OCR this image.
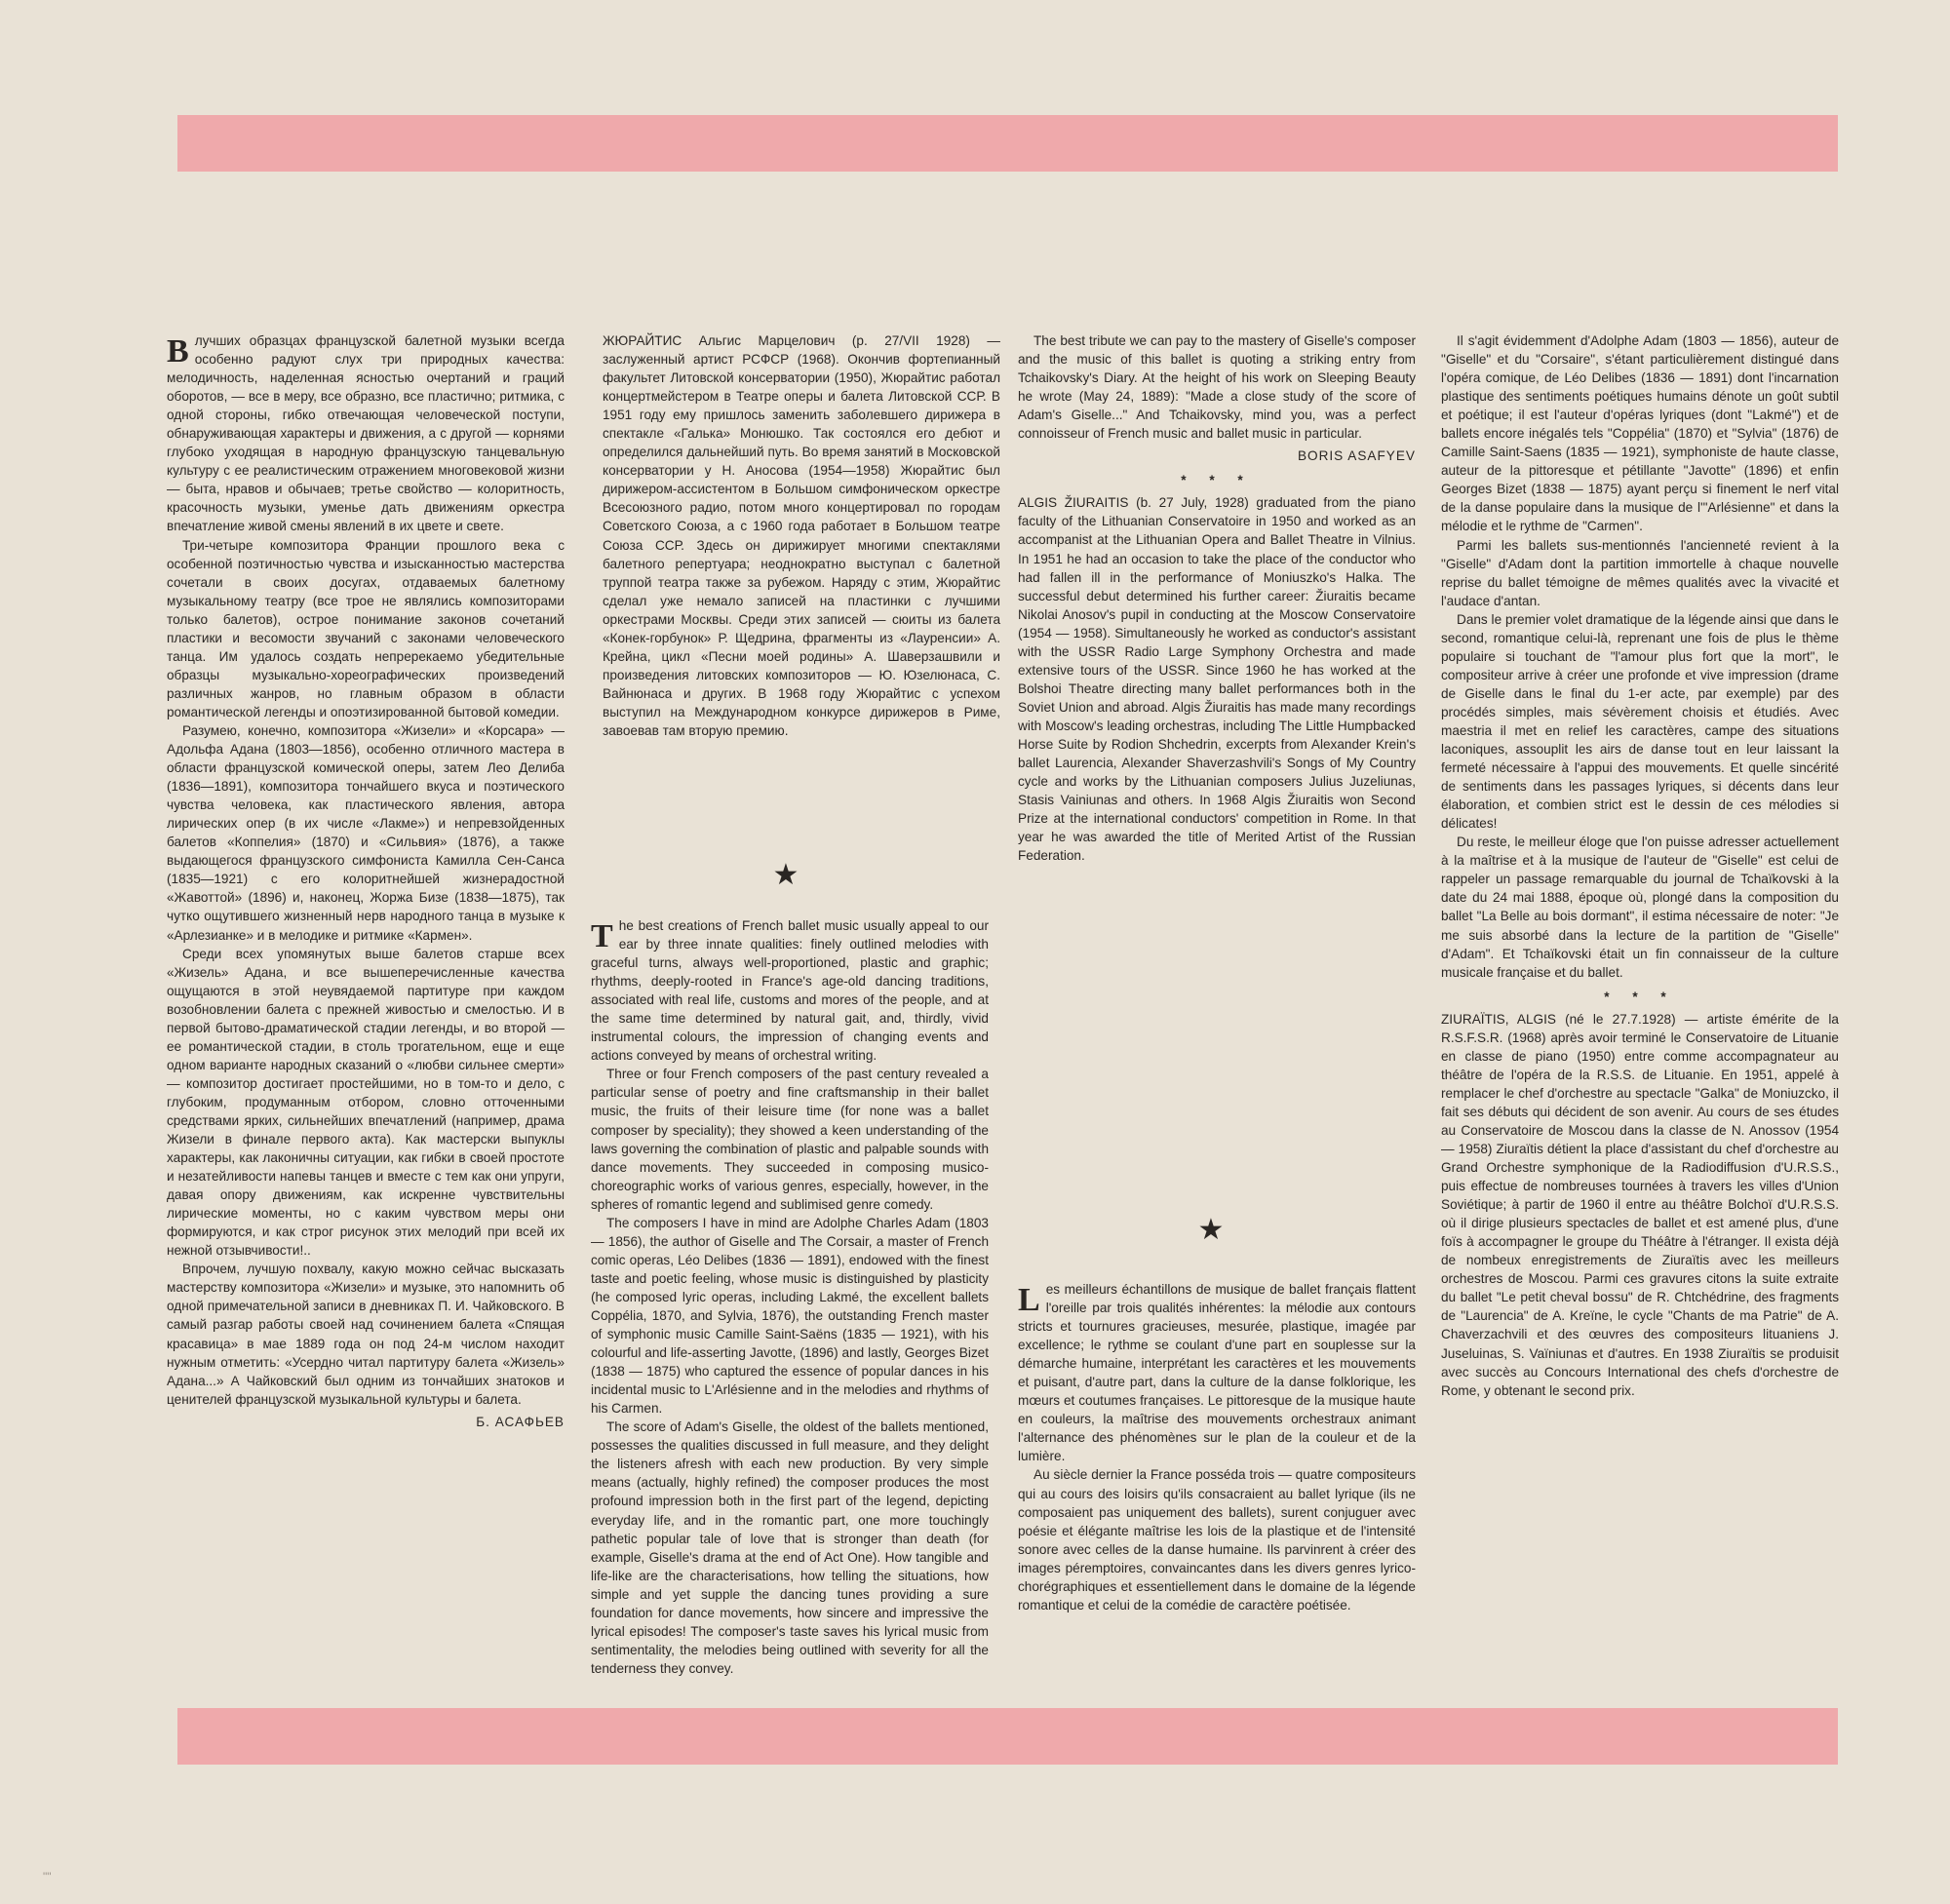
Влучших образцах французской балетной музыки всегда особенно радуют слух три природных качества: мелодичность, наделенная ясностью очертаний и граций оборотов, — все в меру, все образно, все пластично; ритмика, с одной стороны, гибко отвечающая человеческой поступи, обнаруживающая характеры и движения, а с другой — корнями глубоко уходящая в народную французскую танцевальную культуру с ее реалистическим отражением многовековой жизни — быта, нравов и обычаев; третье свойство — колоритность, красочность музыки, уменье дать движениям оркестра впечатление живой смены явлений в их цвете и свете.

Три-четыре композитора Франции прошлого века с особенной поэтичностью чувства и изысканностью мастерства сочетали в своих досугах, отдаваемых балетному музыкальному театру (все трое не являлись композиторами только балетов), острое понимание законов сочетаний пластики и весомости звучаний с законами человеческого танца. Им удалось создать непререкаемо убедительные образцы музыкально-хореографических произведений различных жанров, но главным образом в области романтической легенды и опоэтизированной бытовой комедии.

Разумею, конечно, композитора «Жизели» и «Корсара» — Адольфа Адана (1803—1856), особенно отличного мастера в области французской комической оперы, затем Лео Делиба (1836—1891), композитора тончайшего вкуса и поэтического чувства человека, как пластического явления, автора лирических опер (в их числе «Лакме») и непревзойденных балетов «Коппелия» (1870) и «Сильвия» (1876), а также выдающегося французского симфониста Камилла Сен-Санса (1835—1921) с его колоритнейшей жизнерадостной «Жавоттой» (1896) и, наконец, Жоржа Бизе (1838—1875), так чутко ощутившего жизненный нерв народного танца в музыке к «Арлезианке» и в мелодике и ритмике «Кармен».

Среди всех упомянутых выше балетов старше всех «Жизель» Адана, и все вышеперечисленные качества ощущаются в этой неувядаемой партитуре при каждом возобновлении балета с прежней живостью и смелостью. И в первой бытово-драматической стадии легенды, и во второй — ее романтической стадии, в столь трогательном, еще и еще одном варианте народных сказаний о «любви сильнее смерти» — композитор достигает простейшими, но в том-то и дело, с глубоким, продуманным отбором, словно отточенными средствами ярких, сильнейших впечатлений (например, драма Жизели в финале первого акта). Как мастерски выпуклы характеры, как лаконичны ситуации, как гибки в своей простоте и незатейливости напевы танцев и вместе с тем как они упруги, давая опору движениям, как искренне чувствительны лирические моменты, но с каким чувством меры они формируются, и как строг рисунок этих мелодий при всей их нежной отзывчивости!..

Впрочем, лучшую похвалу, какую можно сейчас высказать мастерству композитора «Жизели» и музыке, это напомнить об одной примечательной записи в дневниках П. И. Чайковского. В самый разгар работы своей над сочинением балета «Спящая красавица» в мае 1889 года он под 24-м числом находит нужным отметить: «Усердно читал партитуру балета «Жизель» Адана...» А Чайковский был одним из тончайших знатоков и ценителей французской музыкальной культуры и балета.

Б. АСАФЬЕВ

ЖЮРАЙТИС Альгис Марцелович (р. 27/VII 1928) — заслуженный артист РСФСР (1968). Окончив фортепианный факультет Литовской консерватории (1950), Жюрайтис работал концертмейстером в Театре оперы и балета Литовской ССР. В 1951 году ему пришлось заменить заболевшего дирижера в спектакле «Галька» Монюшко. Так состоялся его дебют и определился дальнейший путь. Во время занятий в Московской консерватории у Н. Аносова (1954—1958) Жюрайтис был дирижером-ассистентом в Большом симфоническом оркестре Всесоюзного радио, потом много концертировал по городам Советского Союза, а с 1960 года работает в Большом театре Союза ССР. Здесь он дирижирует многими спектаклями балетного репертуара; неоднократно выступал с балетной труппой театра также за рубежом. Наряду с этим, Жюрайтис сделал уже немало записей на пластинки с лучшими оркестрами Москвы. Среди этих записей — сюиты из балета «Конек-горбунок» Р. Щедрина, фрагменты из «Лауренсии» А. Крейна, цикл «Песни моей родины» А. Шаверзашвили и произведения литовских композиторов — Ю. Юзелюнаса, С. Вайнюнаса и других. В 1968 году Жюрайтис с успехом выступил на Международном конкурсе дирижеров в Риме, завоевав там вторую премию.

★

The best creations of French ballet music usually appeal to our ear by three innate qualities: finely outlined melodies with graceful turns, always well-proportioned, plastic and graphic; rhythms, deeply-rooted in France's age-old dancing traditions, associated with real life, customs and mores of the people, and at the same time determined by natural gait, and, thirdly, vivid instrumental colours, the impression of changing events and actions conveyed by means of orchestral writing.

Three or four French composers of the past century revealed a particular sense of poetry and fine craftsmanship in their ballet music, the fruits of their leisure time (for none was a ballet composer by speciality); they showed a keen understanding of the laws governing the combination of plastic and palpable sounds with dance movements. They succeeded in composing musico-choreographic works of various genres, especially, however, in the spheres of romantic legend and sublimised genre comedy.

The composers I have in mind are Adolphe Charles Adam (1803 — 1856), the author of Giselle and The Corsair, a master of French comic operas, Léo Delibes (1836 — 1891), endowed with the finest taste and poetic feeling, whose music is distinguished by plasticity (he composed lyric operas, including Lakmé, the excellent ballets Coppélia, 1870, and Sylvia, 1876), the outstanding French master of symphonic music Camille Saint-Saëns (1835 — 1921), with his colourful and life-asserting Javotte, (1896) and lastly, Georges Bizet (1838 — 1875) who captured the essence of popular dances in his incidental music to L'Arlésienne and in the melodies and rhythms of his Carmen.

The score of Adam's Giselle, the oldest of the ballets mentioned, possesses the qualities discussed in full measure, and they delight the listeners afresh with each new production. By very simple means (actually, highly refined) the composer produces the most profound impression both in the first part of the legend, depicting everyday life, and in the romantic part, one more touchingly pathetic popular tale of love that is stronger than death (for example, Giselle's drama at the end of Act One). How tangible and life-like are the characterisations, how telling the situations, how simple and yet supple the dancing tunes providing a sure foundation for dance movements, how sincere and impressive the lyrical episodes! The composer's taste saves his lyrical music from sentimentality, the melodies being outlined with severity for all the tenderness they convey.

The best tribute we can pay to the mastery of Giselle's composer and the music of this ballet is quoting a striking entry from Tchaikovsky's Diary. At the height of his work on Sleeping Beauty he wrote (May 24, 1889): "Made a close study of the score of Adam's Giselle..." And Tchaikovsky, mind you, was a perfect connoisseur of French music and ballet music in particular.

BORIS ASAFYEV

* * *

ALGIS ŽIURAITIS (b. 27 July, 1928) graduated from the piano faculty of the Lithuanian Conservatoire in 1950 and worked as an accompanist at the Lithuanian Opera and Ballet Theatre in Vilnius. In 1951 he had an occasion to take the place of the conductor who had fallen ill in the performance of Moniuszko's Halka. The successful debut determined his further career: Žiuraitis became Nikolai Anosov's pupil in conducting at the Moscow Conservatoire (1954 — 1958). Simultaneously he worked as conductor's assistant with the USSR Radio Large Symphony Orchestra and made extensive tours of the USSR. Since 1960 he has worked at the Bolshoi Theatre directing many ballet performances both in the Soviet Union and abroad. Algis Žiuraitis has made many recordings with Moscow's leading orchestras, including The Little Humpbacked Horse Suite by Rodion Shchedrin, excerpts from Alexander Krein's ballet Laurencia, Alexander Shaverzashvili's Songs of My Country cycle and works by the Lithuanian composers Julius Juzeliunas, Stasis Vainiunas and others. In 1968 Algis Žiuraitis won Second Prize at the international conductors' competition in Rome. In that year he was awarded the title of Merited Artist of the Russian Federation.

★

Les meilleurs échantillons de musique de ballet français flattent l'oreille par trois qualités inhérentes: la mélodie aux contours stricts et tournures gracieuses, mesurée, plastique, imagée par excellence; le rythme se coulant d'une part en souplesse sur la démarche humaine, interprétant les caractères et les mouvements et puisant, d'autre part, dans la culture de la danse folklorique, les mœurs et coutumes françaises. Le pittoresque de la musique haute en couleurs, la maîtrise des mouvements orchestraux animant l'alternance des phénomènes sur le plan de la couleur et de la lumière.

Au siècle dernier la France posséda trois — quatre compositeurs qui au cours des loisirs qu'ils consacraient au ballet lyrique (ils ne composaient pas uniquement des ballets), surent conjuguer avec poésie et élégante maîtrise les lois de la plastique et de l'intensité sonore avec celles de la danse humaine. Ils parvinrent à créer des images péremptoires, convaincantes dans les divers genres lyrico-chorégraphiques et essentiellement dans le domaine de la légende romantique et celui de la comédie de caractère poétisée.

Il s'agit évidemment d'Adolphe Adam (1803 — 1856), auteur de "Giselle" et du "Corsaire", s'étant particulièrement distingué dans l'opéra comique, de Léo Delibes (1836 — 1891) dont l'incarnation plastique des sentiments poétiques humains dénote un goût subtil et poétique; il est l'auteur d'opéras lyriques (dont "Lakmé") et de ballets encore inégalés tels "Coppélia" (1870) et "Sylvia" (1876) de Camille Saint-Saens (1835 — 1921), symphoniste de haute classe, auteur de la pittoresque et pétillante "Javotte" (1896) et enfin Georges Bizet (1838 — 1875) ayant perçu si finement le nerf vital de la danse populaire dans la musique de l'"Arlésienne" et dans la mélodie et le rythme de "Carmen".

Parmi les ballets sus-mentionnés l'ancienneté revient à la "Giselle" d'Adam dont la partition immortelle à chaque nouvelle reprise du ballet témoigne de mêmes qualités avec la vivacité et l'audace d'antan.

Dans le premier volet dramatique de la légende ainsi que dans le second, romantique celui-là, reprenant une fois de plus le thème populaire si touchant de "l'amour plus fort que la mort", le compositeur arrive à créer une profonde et vive impression (drame de Giselle dans le final du 1-er acte, par exemple) par des procédés simples, mais sévèrement choisis et étudiés. Avec maestria il met en relief les caractères, campe des situations laconiques, assouplit les airs de danse tout en leur laissant la fermeté nécessaire à l'appui des mouvements. Et quelle sincérité de sentiments dans les passages lyriques, si décents dans leur élaboration, et combien strict est le dessin de ces mélodies si délicates!

Du reste, le meilleur éloge que l'on puisse adresser actuellement à la maîtrise et à la musique de l'auteur de "Giselle" est celui de rappeler un passage remarquable du journal de Tchaïkovski à la date du 24 mai 1888, époque où, plongé dans la composition du ballet "La Belle au bois dormant", il estima nécessaire de noter: "Je me suis absorbé dans la lecture de la partition de "Giselle" d'Adam". Et Tchaïkovski était un fin connaisseur de la culture musicale française et du ballet.

* * *

ZIURAÏTIS, ALGIS (né le 27.7.1928) — artiste émérite de la R.S.F.S.R. (1968) après avoir terminé le Conservatoire de Lituanie en classe de piano (1950) entre comme accompagnateur au théâtre de l'opéra de la R.S.S. de Lituanie. En 1951, appelé à remplacer le chef d'orchestre au spectacle "Galka" de Moniuzcko, il fait ses débuts qui décident de son avenir. Au cours de ses études au Conservatoire de Moscou dans la classe de N. Anossov (1954 — 1958) Ziuraïtis détient la place d'assistant du chef d'orchestre au Grand Orchestre symphonique de la Radiodiffusion d'U.R.S.S., puis effectue de nombreuses tournées à travers les villes d'Union Soviétique; à partir de 1960 il entre au théâtre Bolchoï d'U.R.S.S. où il dirige plusieurs spectacles de ballet et est amené plus, d'une foïs à accompagner le groupe du Théâtre à l'étranger. Il exista déjà de nombeux enregistrements de Ziuraïtis avec les meilleurs orchestres de Moscou. Parmi ces gravures citons la suite extraite du ballet "Le petit cheval bossu" de R. Chtchédrine, des fragments de "Laurencia" de A. Kreïne, le cycle "Chants de ma Patrie" de A. Chaverzachvili et des œuvres des compositeurs lituaniens J. Juseluinas, S. Vaïniunas et d'autres. En 1938 Ziuraïtis se produisit avec succès au Concours International des chefs d'orchestre de Rome, y obtenant le second prix.

""
